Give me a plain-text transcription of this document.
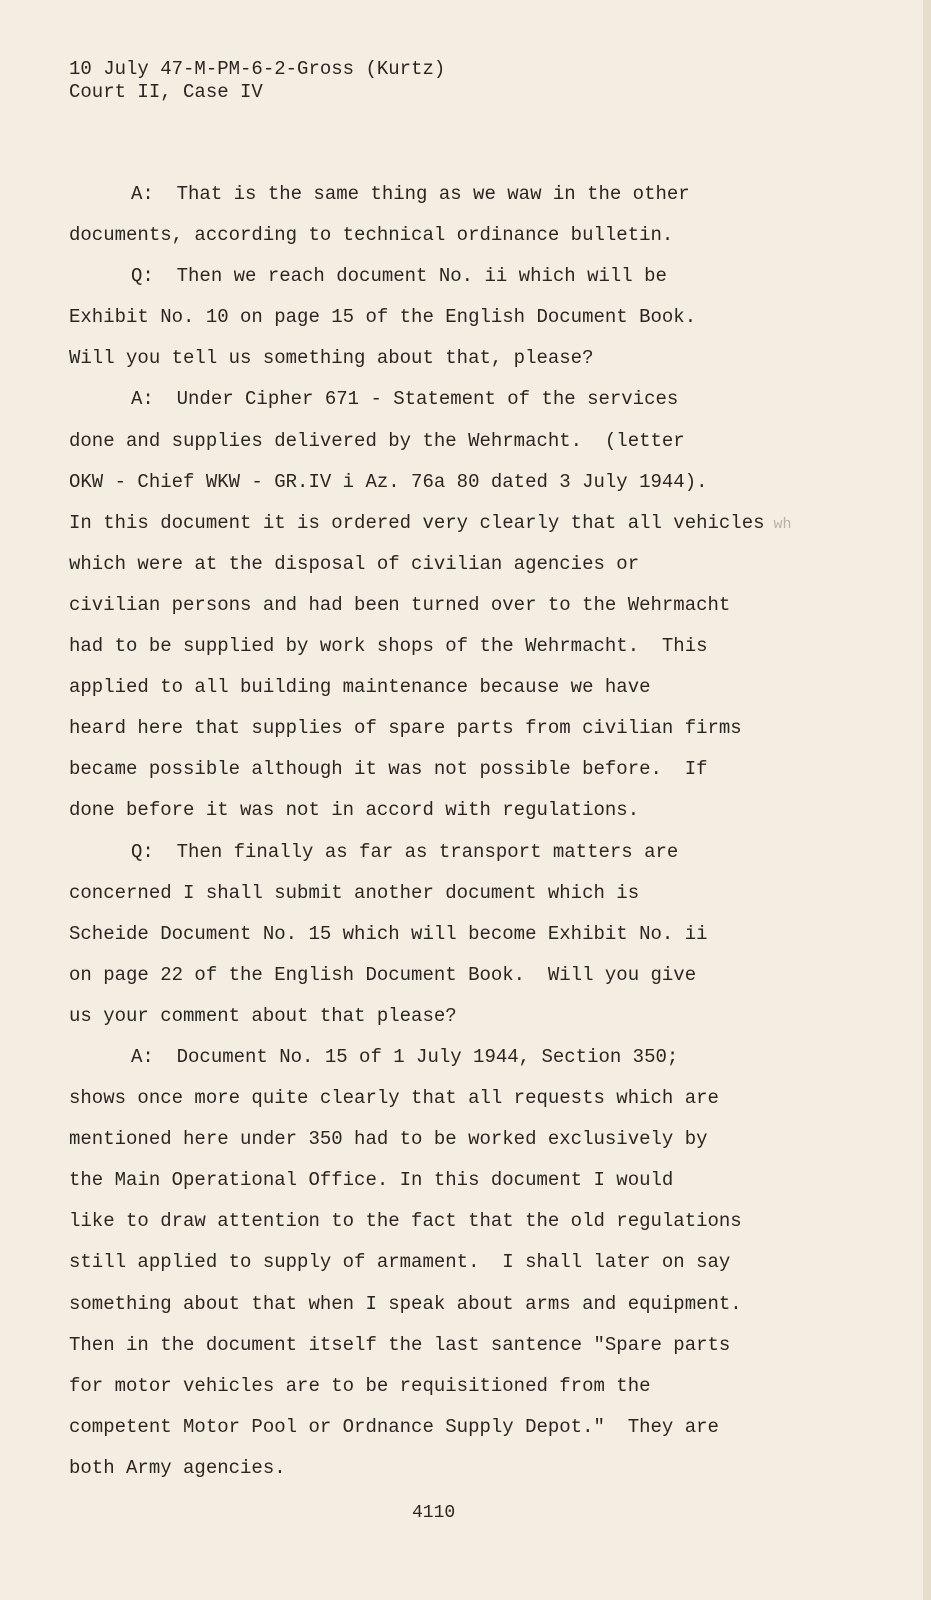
10 July 47-M-PM-6-2-Gross (Kurtz)
Court II, Case IV
A:  That is the same thing as we waw in the other
documents, according to technical ordinance bulletin.
Q:  Then we reach document No. ii which will be
Exhibit No. 10 on page 15 of the English Document Book.
Will you tell us something about that, please?
A:  Under Cipher 671 - Statement of the services
done and supplies delivered by the Wehrmacht.  (letter
OKW - Chief WKW - GR.IV i Az. 76a 80 dated 3 July 1944).
In this document it is ordered very clearly that all vehicles wh
which were at the disposal of civilian agencies or
civilian persons and had been turned over to the Wehrmacht
had to be supplied by work shops of the Wehrmacht.  This
applied to all building maintenance because we have
heard here that supplies of spare parts from civilian firms
became possible although it was not possible before.  If
done before it was not in accord with regulations.
Q:  Then finally as far as transport matters are
concerned I shall submit another document which is
Scheide Document No. 15 which will become Exhibit No. ii
on page 22 of the English Document Book.  Will you give
us your comment about that please?
A:  Document No. 15 of 1 July 1944, Section 350;
shows once more quite clearly that all requests which are
mentioned here under 350 had to be worked exclusively by
the Main Operational Office. In this document I would
like to draw attention to the fact that the old regulations
still applied to supply of armament.  I shall later on say
something about that when I speak about arms and equipment.
Then in the document itself the last santence "Spare parts
for motor vehicles are to be requisitioned from the
competent Motor Pool or Ordnance Supply Depot."  They are
both Army agencies.
4110
